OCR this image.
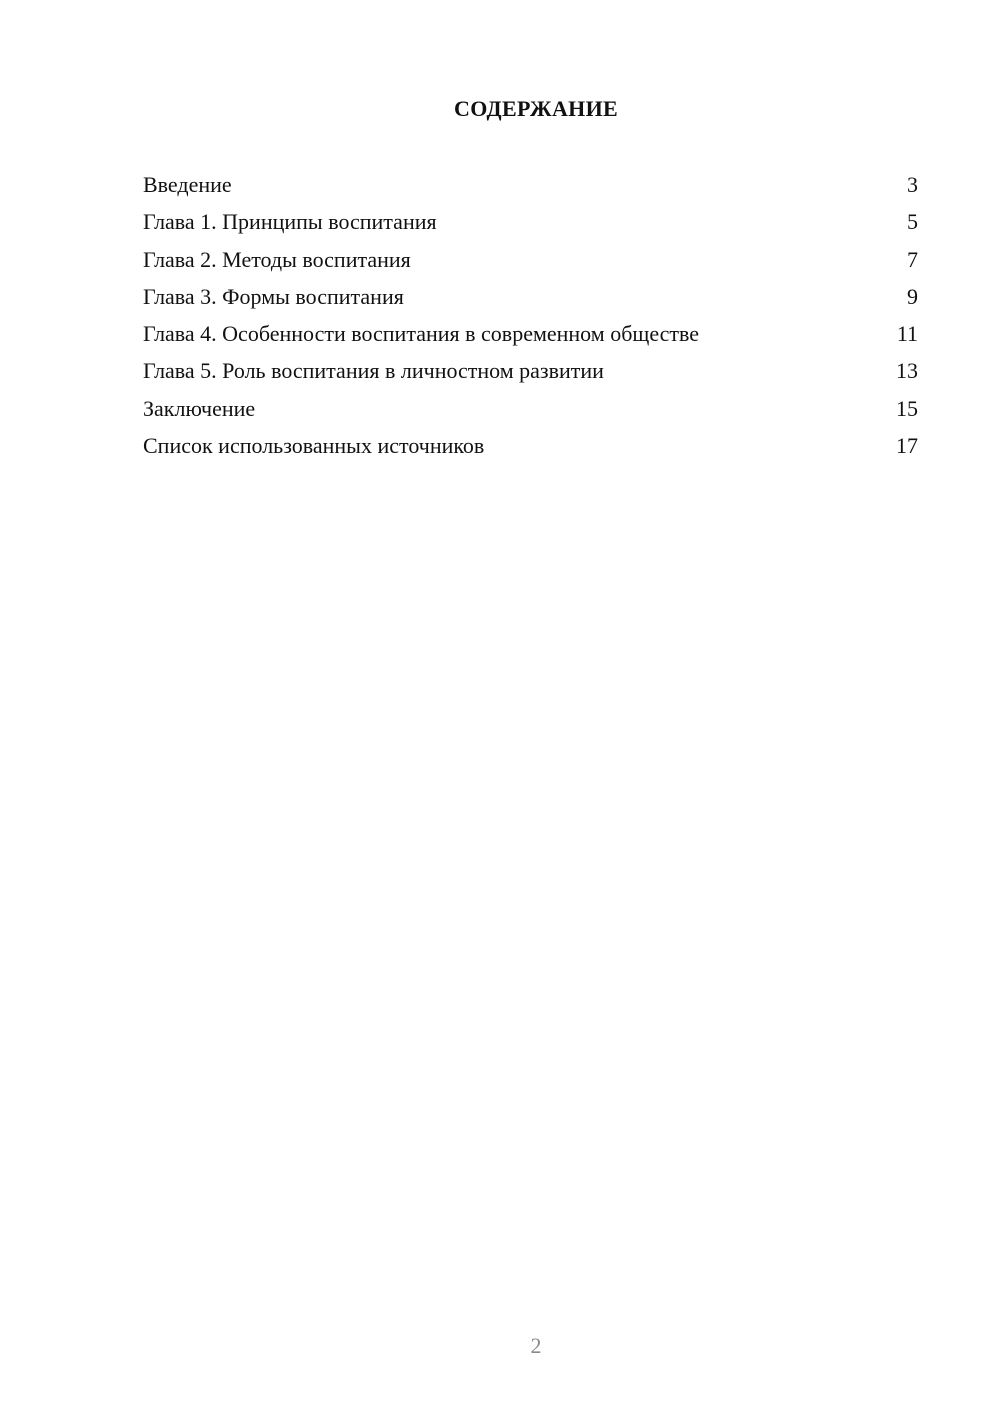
СОДЕРЖАНИЕ
Введение	3
Глава 1. Принципы воспитания	5
Глава 2. Методы воспитания	7
Глава 3. Формы воспитания	9
Глава 4. Особенности воспитания в современном обществе	11
Глава 5. Роль воспитания в личностном развитии	13
Заключение	15
Список использованных источников	17
2
